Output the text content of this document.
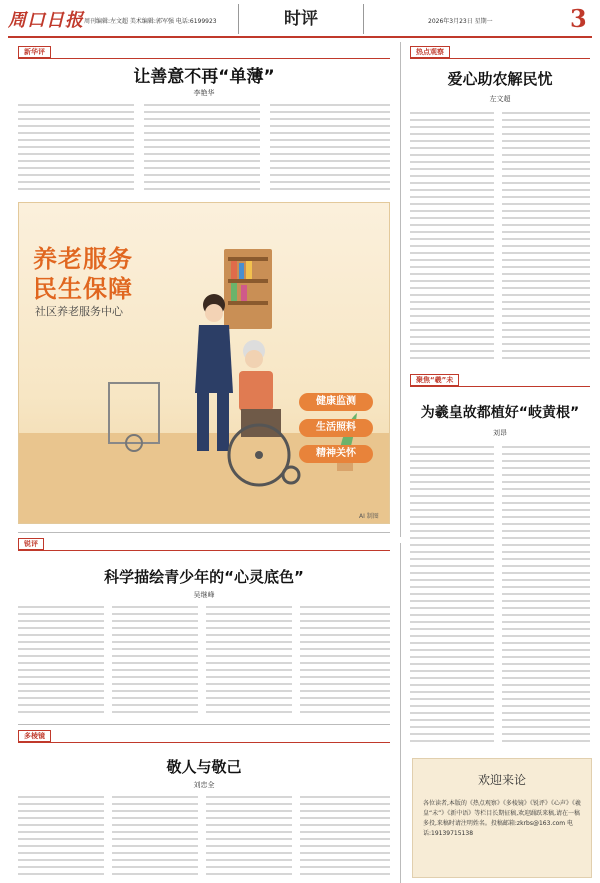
周口日报 周刊编辑:左文超 美术编辑:郭军强 电话:6199923	时评	2026年3月23日 星期一	3
新华评
让善意不再“单薄”
李艳华
养老服务
民生保障
社区养老服务中心
健康监测
生活照料
精神关怀
AI 制图
热点观察
爱心助农解民忧
左文超
聚焦“羲”未
为羲皇故都植好“岐黄根”
刘昂
锐评
科学描绘青少年的“心灵底色”
吴继峰
多棱镜
敬人与敬己
刘忠全	欢迎来论
各位读者,本版的《热点观察》《多棱镜》《锐评》《心声》《羲皇“未”》《新中语》等栏目长期征稿,欢迎踊跃来稿,请在一稿多投,来稿时请注明姓名。投稿邮箱:zkrbs@163.com 电话:19139715138
